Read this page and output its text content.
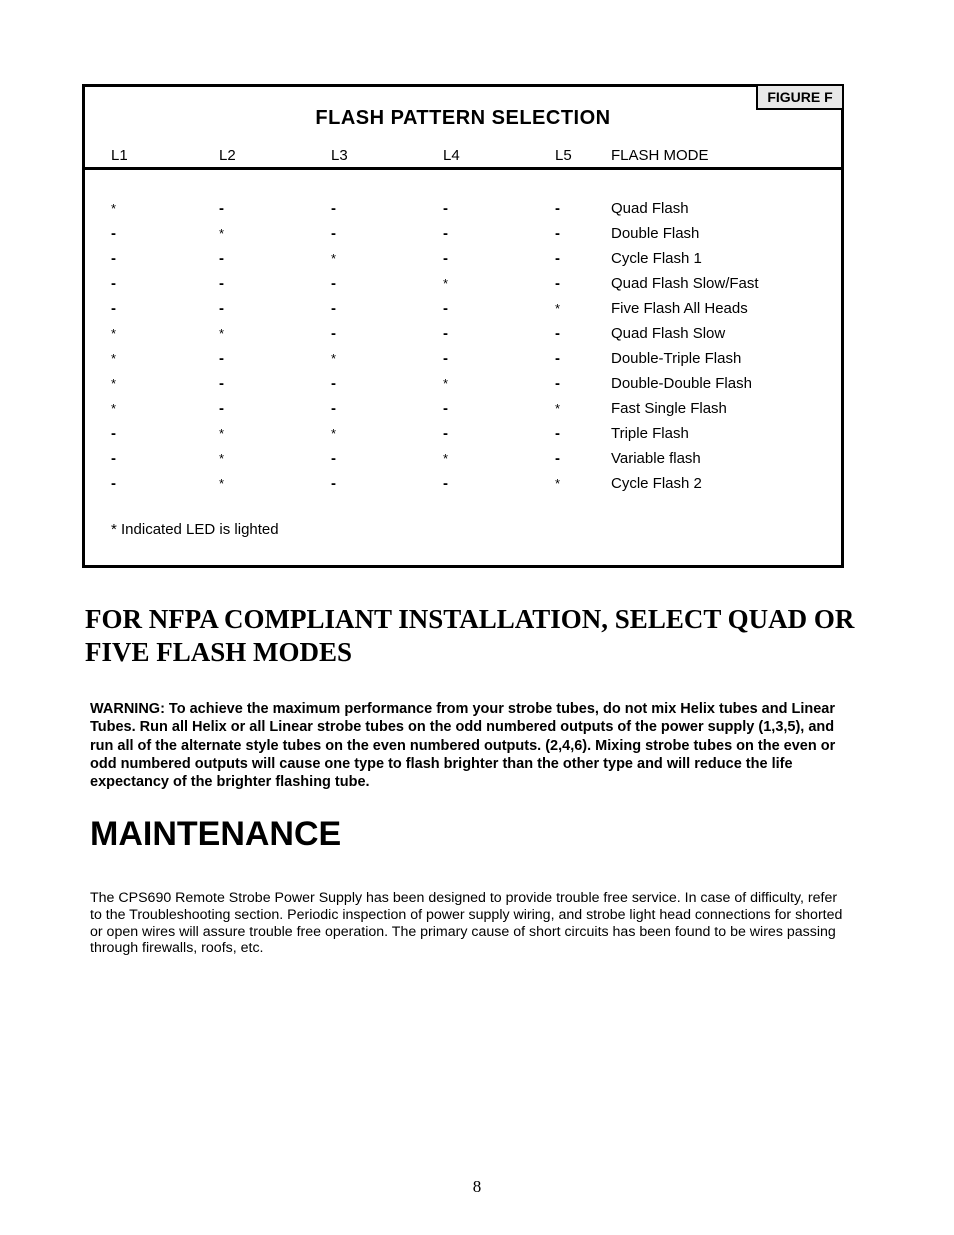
FIGURE F
FLASH PATTERN SELECTION
L1	L2	L3	L4	L5	FLASH MODE
*	-	-	-	-	Quad Flash
-	*	-	-	-	Double Flash
-	-	*	-	-	Cycle Flash 1
-	-	-	*	-	Quad Flash Slow/Fast
-	-	-	-	*	Five Flash All Heads
*	*	-	-	-	Quad Flash Slow
*	-	*	-	-	Double-Triple Flash
*	-	-	*	-	Double-Double Flash
*	-	-	-	*	Fast Single Flash
-	*	*	-	-	Triple Flash
-	*	-	*	-	Variable flash
-	*	-	-	*	Cycle Flash 2
* Indicated LED is lighted
FOR NFPA COMPLIANT INSTALLATION, SELECT QUAD OR FIVE FLASH MODES
WARNING: To achieve the maximum performance from your strobe tubes, do not mix Helix tubes and Linear Tubes. Run all Helix or all Linear strobe tubes on the odd numbered outputs of the power supply (1,3,5), and run all of the alternate style tubes on the even numbered outputs. (2,4,6). Mixing strobe tubes on the even or odd numbered outputs will cause one type to flash brighter than the other type and will reduce the life expectancy of the brighter flashing tube.
MAINTENANCE
The CPS690 Remote Strobe Power Supply has been designed to provide trouble free service. In case of difficulty, refer to the Troubleshooting section. Periodic inspection of power supply wiring, and strobe light head connections for shorted or open wires will assure trouble free operation. The primary cause of short circuits has been found to be wires passing through firewalls, roofs, etc.
8
